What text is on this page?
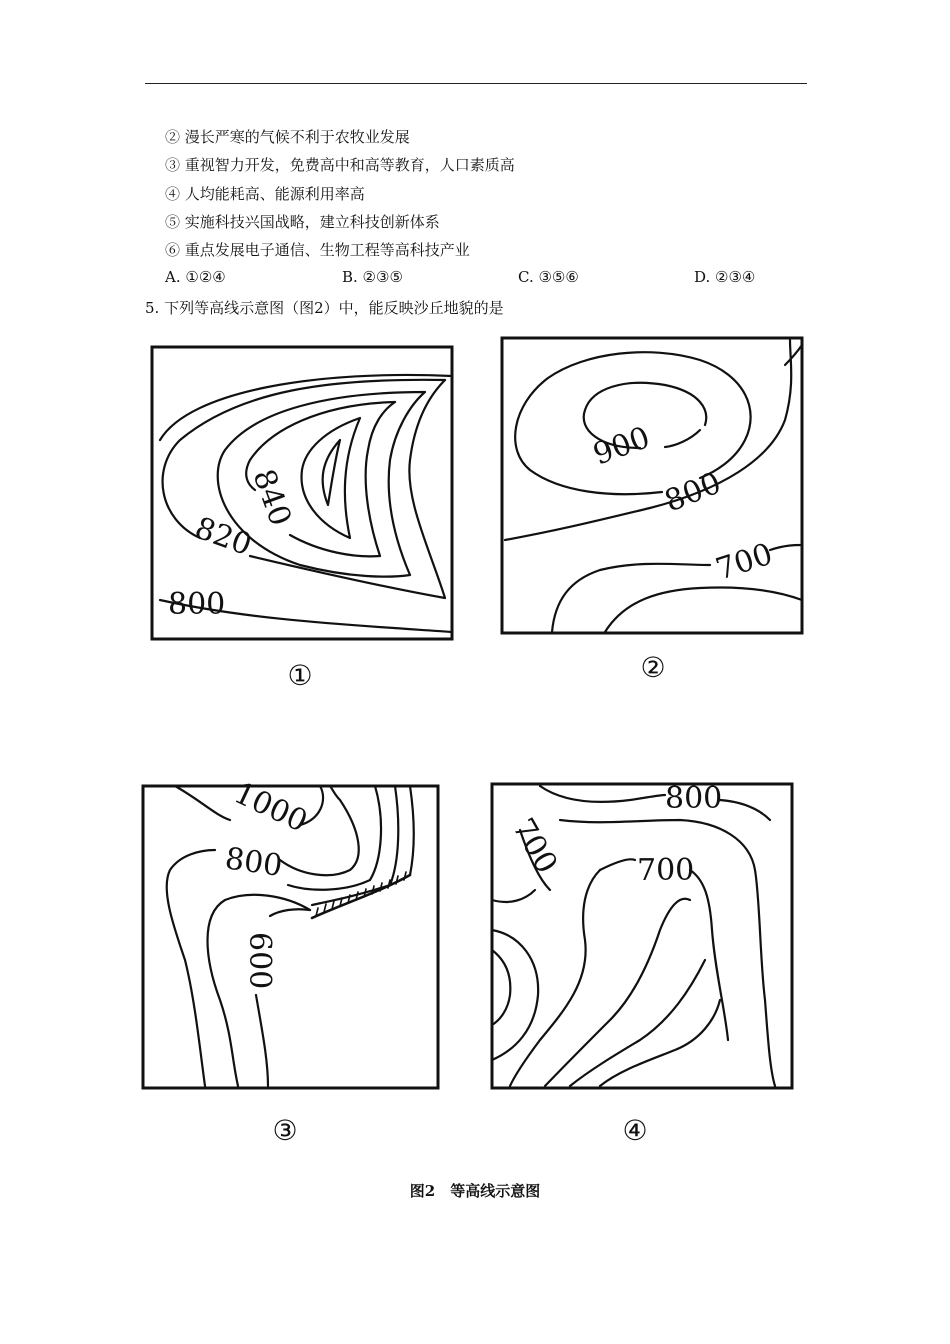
② 漫长严寒的气候不利于农牧业发展
③ 重视智力开发，免费高中和高等教育，人口素质高
④ 人均能耗高、能源利用率高
⑤ 实施科技兴国战略，建立科技创新体系
⑥ 重点发展电子通信、生物工程等高科技产业
A. ①②④	B. ②③⑤	C. ③⑤⑥	D. ②③④
5. 下列等高线示意图（图2）中，能反映沙丘地貌的是
840
820
800
900
800
700
1000
800
600
800
700 700
①	②
③	④
图2　等高线示意图
